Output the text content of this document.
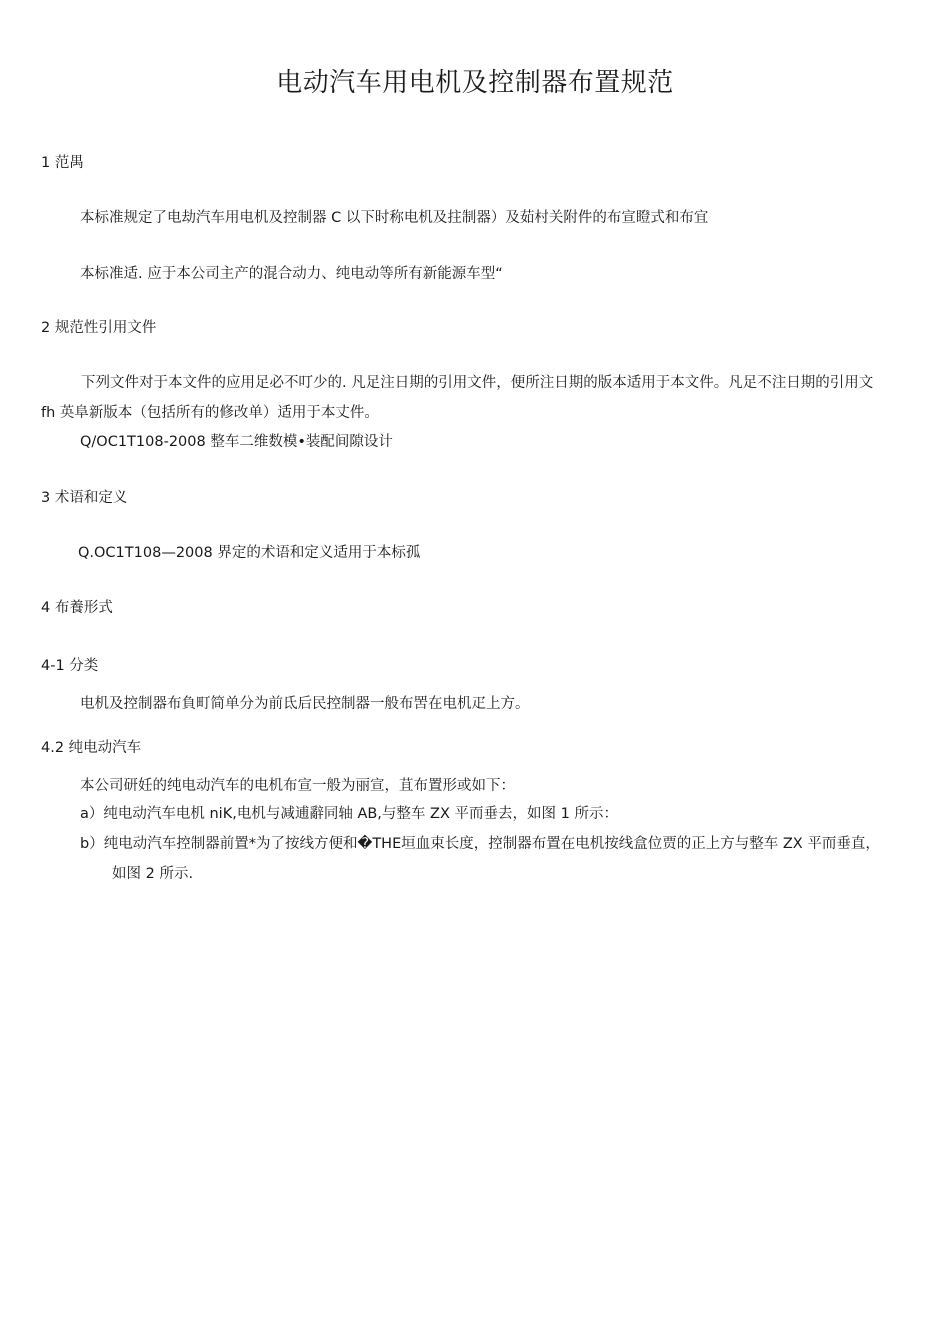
电动汽车用电机及控制器布置规范

1 范禺

本标准规定了电劫汽车用电机及控制器 C 以下时称电机及拄制器）及茹村关附件的布宣瞪式和布宜

本标准适. 应于本公司主产的混合动力、纯电动等所有新能源车型“

2 规范性引用文件

下列文件对于本文件的应用足必不叮少的. 凡足注日期的引用文件，便所注日期的版本适用于本文件。凡足不注日期的引用文 fh 英阜新版本（包括所有的修改单）适用于本丈件。

Q/OC1T108-2008 整车二维数模•装配间隙设计

3 术语和定义

Q.OC1T108—2008 界定的术语和定义适用于本标孤

4 布養形式

4-1 分类

电机及控制器布負町简单分为前氐后民控制器一般布罟在电机疋上方。

4.2 纯电动汽车

本公司研妊的纯电动汽车的电机布宣一般为丽宣，苴布置形或如下：

a）纯电动汽车电机 niK,电机与减逋辭同轴 AB,与整车 ZX 平而垂去，如图 1 所示：

b）纯电动汽车控制器前置*为了按线方便和�THE垣血束长度，控制器布置在电机按线盒位贾的正上方与整车 ZX 平而垂直，如图 2 所示.
